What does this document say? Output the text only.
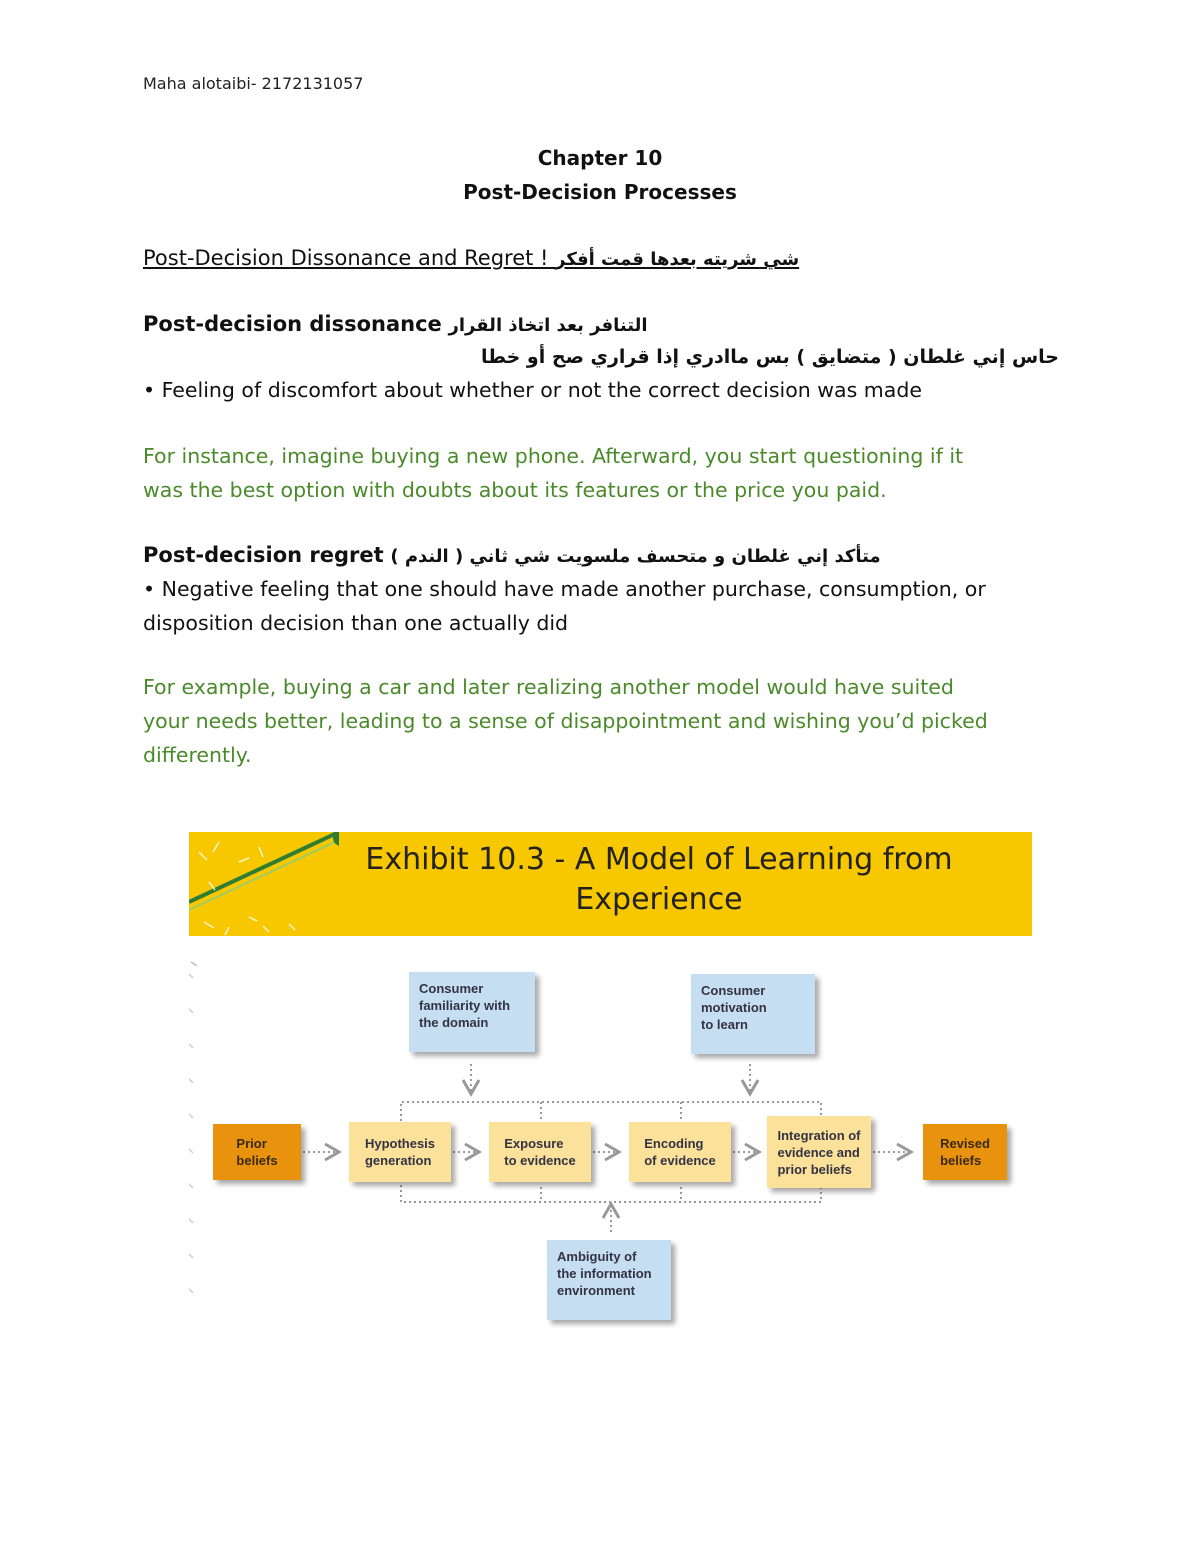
Maha alotaibi- 2172131057
Chapter 10
Post-Decision Processes
Post-Decision Dissonance and Regret ! شي شريته بعدها قمت أفكر
Post-decision dissonance التنافر بعد اتخاذ القرار
حاس إني غلطان ( متضايق ) بس ماادري إذا قراري صح أو خطا
• Feeling of discomfort about whether or not the correct decision was made
For instance, imagine buying a new phone. Afterward, you start questioning if it
was the best option with doubts about its features or the price you paid.
Post-decision regret متأكد إني غلطان و متحسف ملسويت شي ثاني ( الندم )
• Negative feeling that one should have made another purchase, consumption, or
disposition decision than one actually did
For example, buying a car and later realizing another model would have suited
your needs better, leading to a sense of disappointment and wishing you’d picked
differently.
Exhibit 10.3 - A Model of Learning from
Experience
Consumer
familiarity with
the domain
Consumer
motivation
to learn
Prior
beliefs
Hypothesis
generation
Exposure
to evidence
Encoding
of evidence
Integration of
evidence and
prior beliefs
Revised
beliefs
Ambiguity of
the information
environment
